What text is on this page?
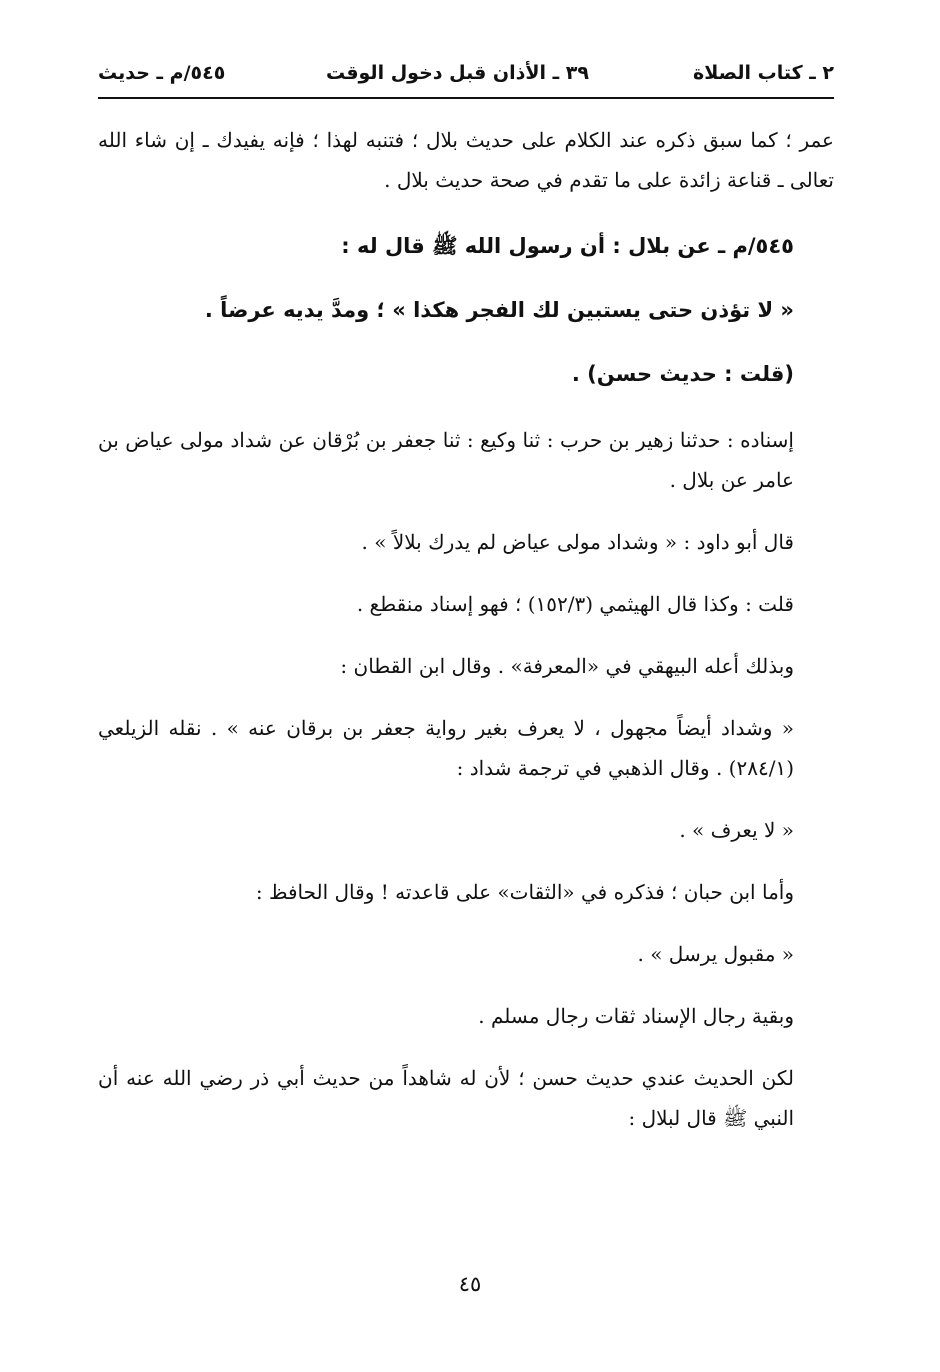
٢ ـ كتاب الصلاة
٣٩ ـ الأذان قبل دخول الوقت
٥٤٥/م ـ حديث

عمر ؛ كما سبق ذكره عند الكلام على حديث بلال ؛ فتنبه لهذا ؛ فإنه يفيدك ـ إن شاء الله تعالى ـ قناعة زائدة على ما تقدم في صحة حديث بلال .

٥٤٥/م ـ عن بلال : أن رسول الله ﷺ قال له :

« لا تؤذن حتى يستبين لك الفجر هكذا » ؛ ومدَّ يديه عرضاً .

(قلت : حديث حسن) .

إسناده : حدثنا زهير بن حرب : ثنا وكيع : ثنا جعفر بن بُرْقان عن شداد مولى عياض بن عامر عن بلال .

قال أبو داود : « وشداد مولى عياض لم يدرك بلالاً » .

قلت : وكذا قال الهيثمي (١٥٢/٣) ؛ فهو إسناد منقطع .

وبذلك أعله البيهقي في «المعرفة» . وقال ابن القطان :

« وشداد أيضاً مجهول ، لا يعرف بغير رواية جعفر بن برقان عنه » . نقله الزيلعي (٢٨٤/١) . وقال الذهبي في ترجمة شداد :

« لا يعرف » .

وأما ابن حبان ؛ فذكره في «الثقات» على قاعدته ! وقال الحافظ :

« مقبول يرسل » .

وبقية رجال الإسناد ثقات رجال مسلم .

لكن الحديث عندي حديث حسن ؛ لأن له شاهداً من حديث أبي ذر رضي الله عنه أن النبي ﷺ قال لبلال :

٤٥
